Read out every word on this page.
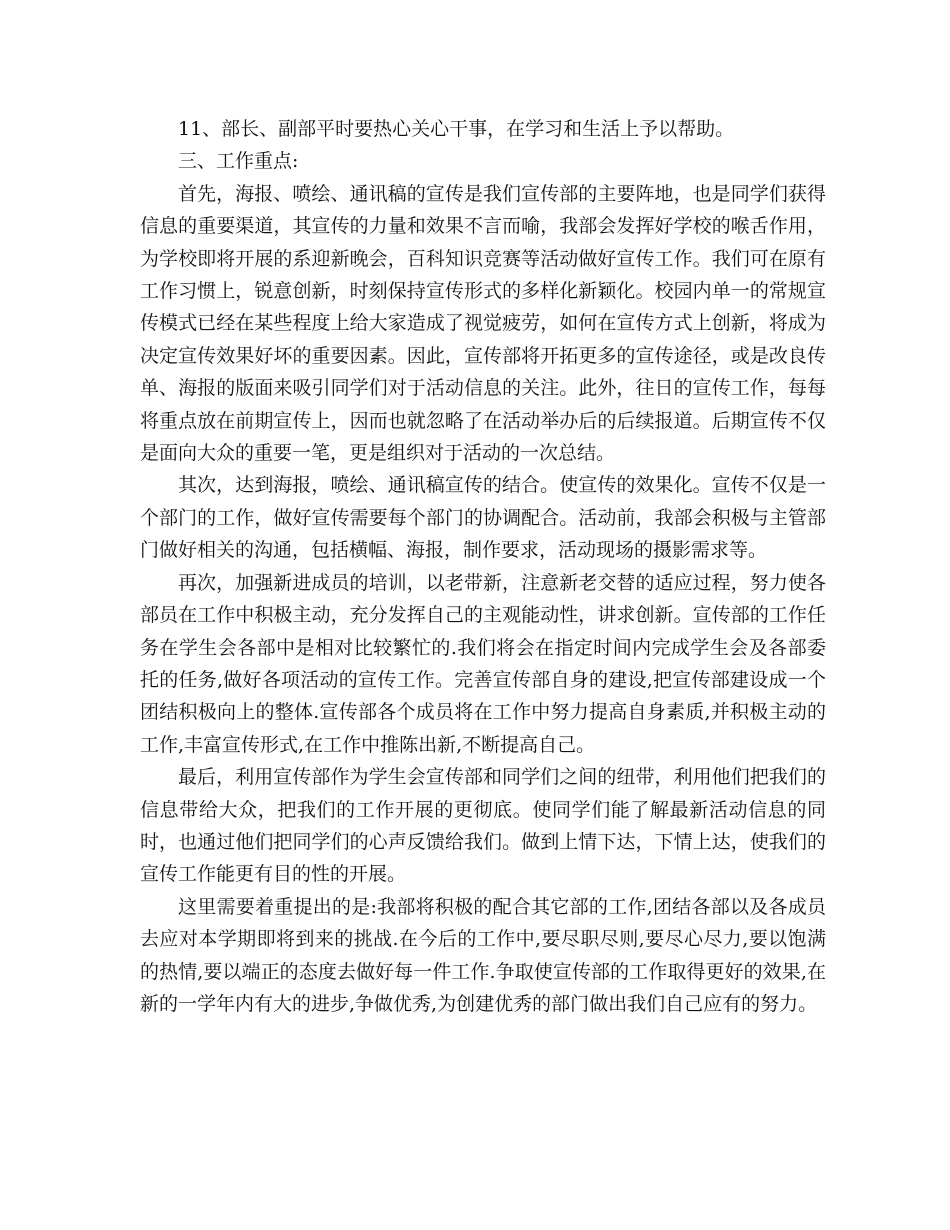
11、部长、副部平时要热心关心干事，在学习和生活上予以帮助。

三、工作重点:

首先，海报、喷绘、通讯稿的宣传是我们宣传部的主要阵地，也是同学们获得信息的重要渠道，其宣传的力量和效果不言而喻，我部会发挥好学校的喉舌作用，为学校即将开展的系迎新晚会，百科知识竞赛等活动做好宣传工作。我们可在原有工作习惯上，锐意创新，时刻保持宣传形式的多样化新颖化。校园内单一的常规宣传模式已经在某些程度上给大家造成了视觉疲劳，如何在宣传方式上创新，将成为决定宣传效果好坏的重要因素。因此，宣传部将开拓更多的宣传途径，或是改良传单、海报的版面来吸引同学们对于活动信息的关注。此外，往日的宣传工作，每每将重点放在前期宣传上，因而也就忽略了在活动举办后的后续报道。后期宣传不仅是面向大众的重要一笔，更是组织对于活动的一次总结。

其次，达到海报，喷绘、通讯稿宣传的结合。使宣传的效果化。宣传不仅是一个部门的工作，做好宣传需要每个部门的协调配合。活动前，我部会积极与主管部门做好相关的沟通，包括横幅、海报，制作要求，活动现场的摄影需求等。

再次，加强新进成员的培训，以老带新，注意新老交替的适应过程，努力使各部员在工作中积极主动，充分发挥自己的主观能动性，讲求创新。宣传部的工作任务在学生会各部中是相对比较繁忙的.我们将会在指定时间内完成学生会及各部委托的任务,做好各项活动的宣传工作。完善宣传部自身的建设,把宣传部建设成一个团结积极向上的整体.宣传部各个成员将在工作中努力提高自身素质,并积极主动的工作,丰富宣传形式,在工作中推陈出新,不断提高自己。

最后，利用宣传部作为学生会宣传部和同学们之间的纽带，利用他们把我们的信息带给大众，把我们的工作开展的更彻底。使同学们能了解最新活动信息的同时，也通过他们把同学们的心声反馈给我们。做到上情下达，下情上达，使我们的宣传工作能更有目的性的开展。

这里需要着重提出的是:我部将积极的配合其它部的工作,团结各部以及各成员去应对本学期即将到来的挑战.在今后的工作中,要尽职尽则,要尽心尽力,要以饱满的热情,要以端正的态度去做好每一件工作.争取使宣传部的工作取得更好的效果,在新的一学年内有大的进步,争做优秀,为创建优秀的部门做出我们自己应有的努力。
